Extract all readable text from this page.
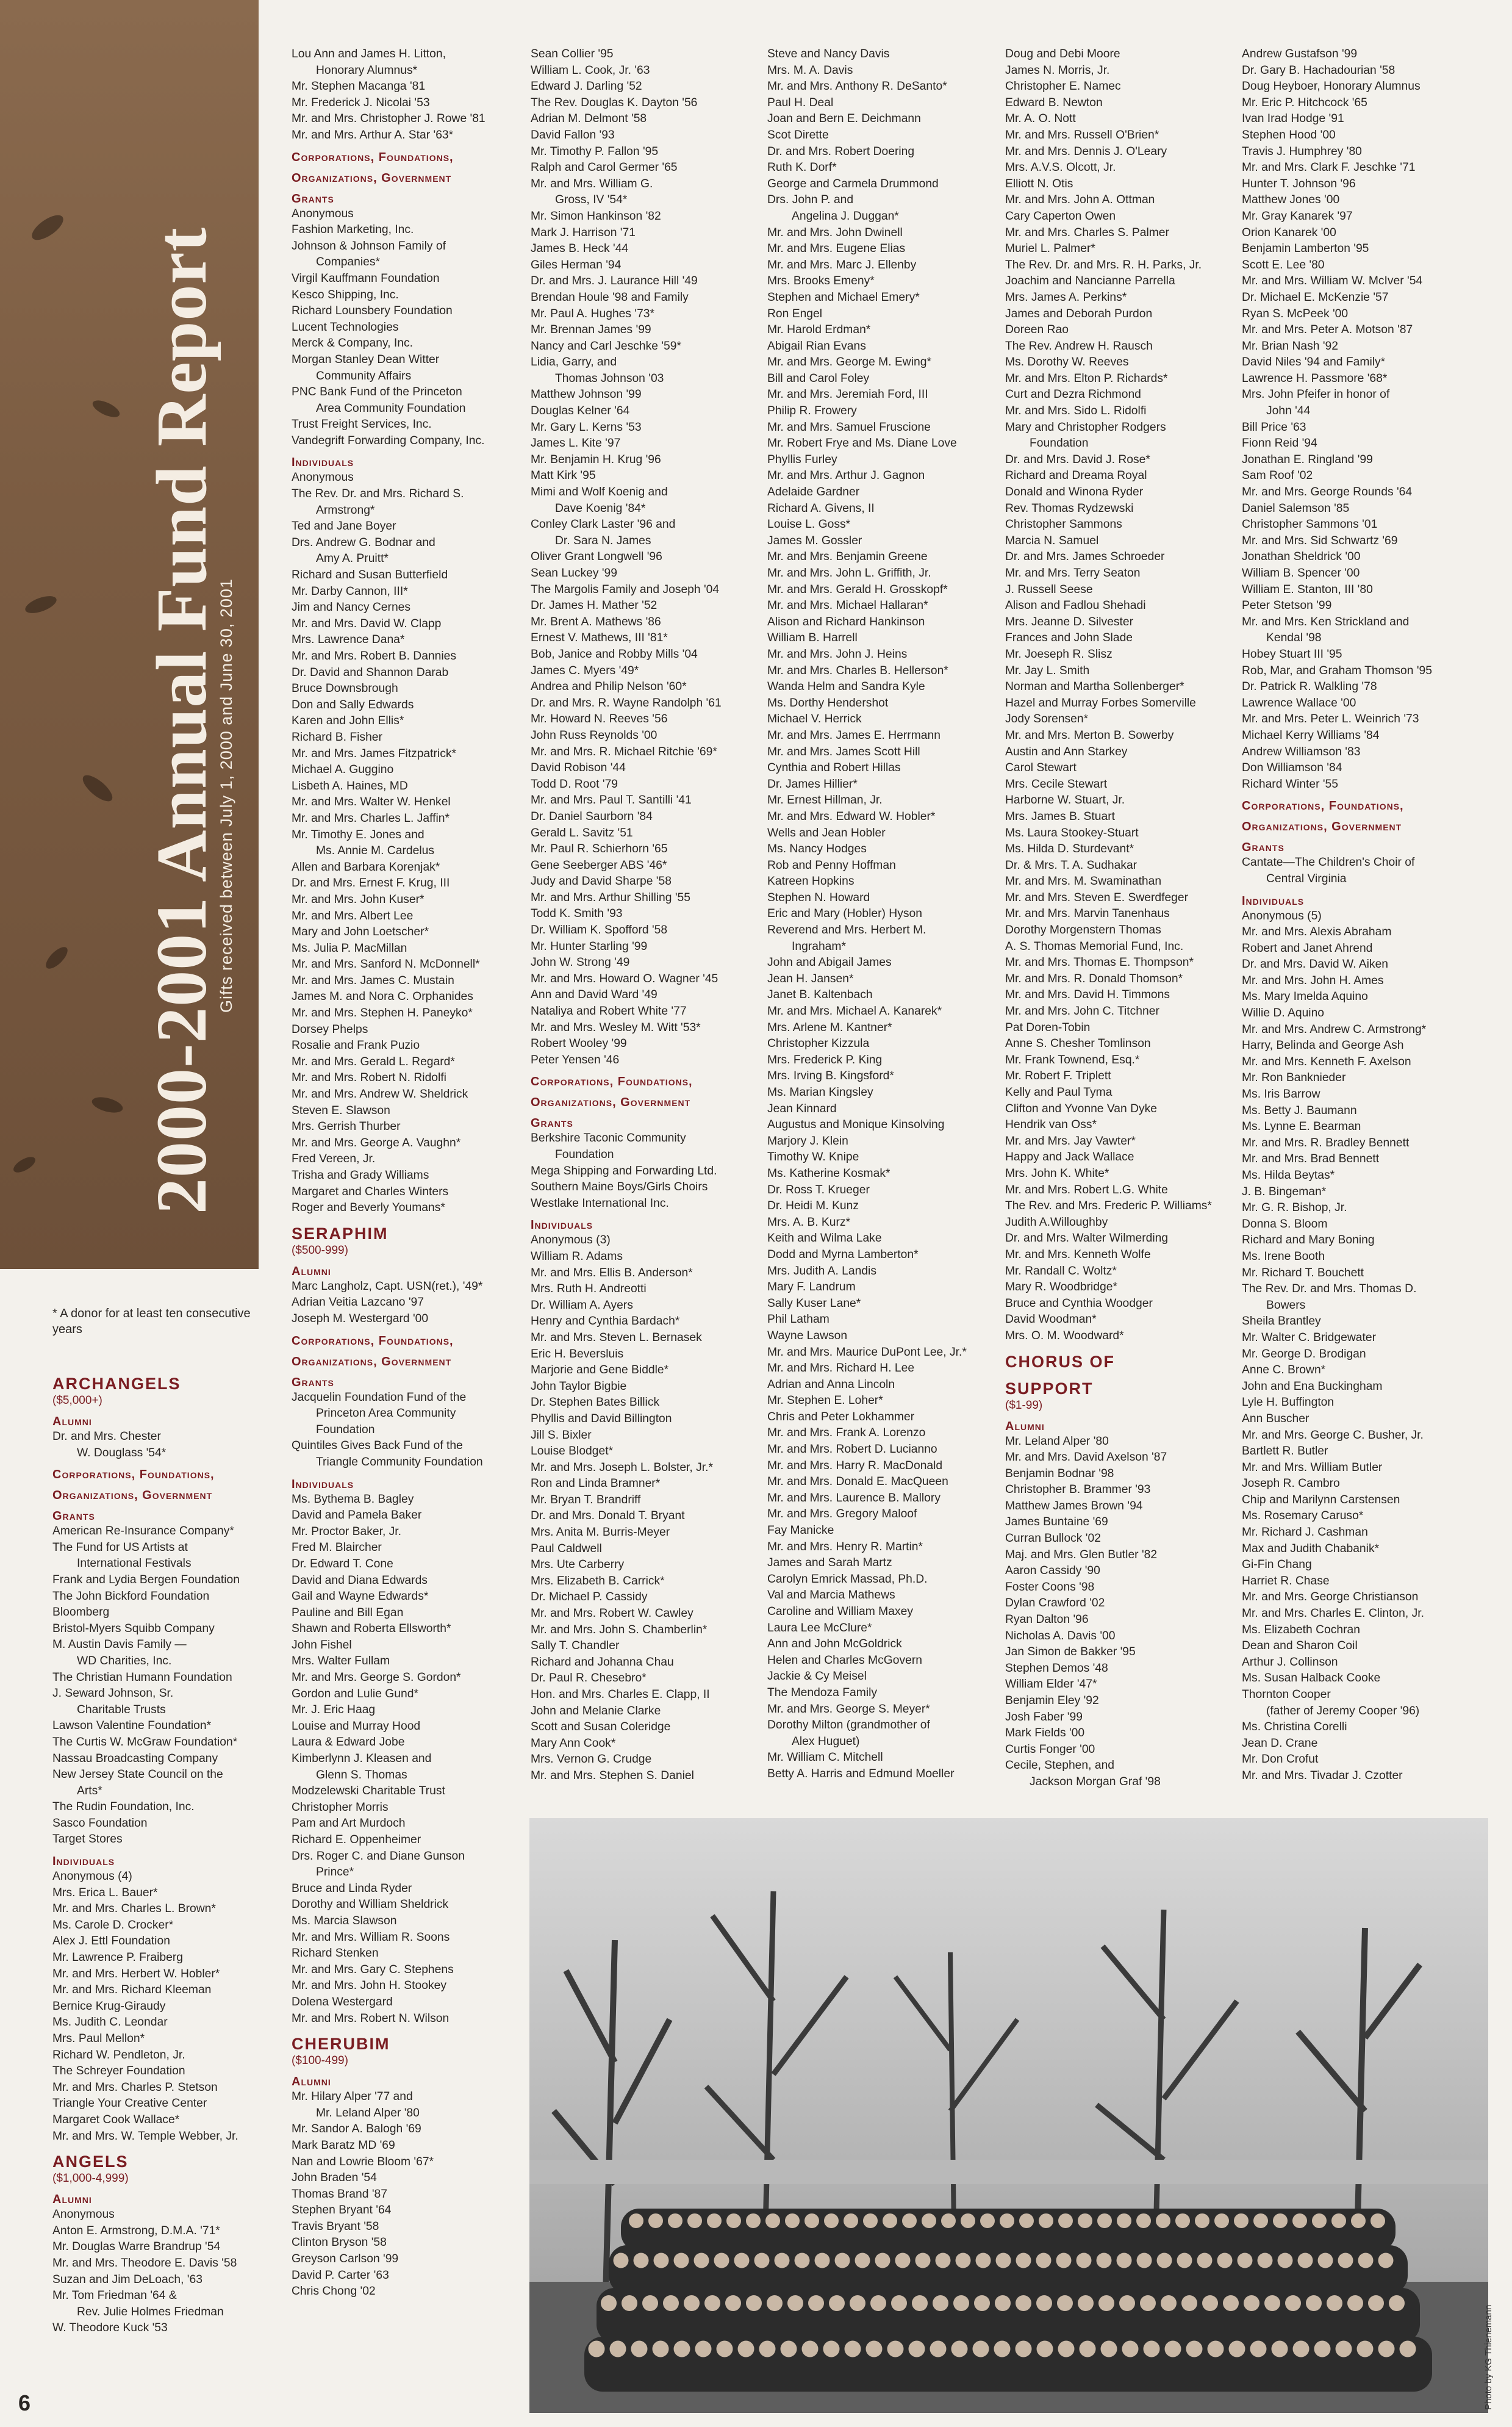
2000-2001 Annual Fund Report
Gifts received between July 1, 2000 and June 30, 2001
* A donor for at least ten consecutive years
ARCHANGELS
($5,000+)
Alumni
Dr. and Mrs. Chester
W. Douglass '54*
Corporations, Foundations,
Organizations, Government
Grants
American Re-Insurance Company*
The Fund for US Artists at
International Festivals
Frank and Lydia Bergen Foundation
The John Bickford Foundation
Bloomberg
Bristol-Myers Squibb Company
M. Austin Davis Family —
WD Charities, Inc.
The Christian Humann Foundation
J. Seward Johnson, Sr.
Charitable Trusts
Lawson Valentine Foundation*
The Curtis W. McGraw Foundation*
Nassau Broadcasting Company
New Jersey State Council on the
Arts*
The Rudin Foundation, Inc.
Sasco Foundation
Target Stores
Individuals
Anonymous (4)
Mrs. Erica L. Bauer*
Mr. and Mrs. Charles L. Brown*
Ms. Carole D. Crocker*
Alex J. Ettl Foundation
Mr. Lawrence P. Fraiberg
Mr. and Mrs. Herbert W. Hobler*
Mr. and Mrs. Richard Kleeman
Bernice Krug-Giraudy
Ms. Judith C. Leondar
Mrs. Paul Mellon*
Richard W. Pendleton, Jr.
The Schreyer Foundation
Mr. and Mrs. Charles P. Stetson
Triangle Your Creative Center
Margaret Cook Wallace*
Mr. and Mrs. W. Temple Webber, Jr.
ANGELS
($1,000-4,999)
Alumni
Anonymous
Anton E. Armstrong, D.M.A. '71*
Mr. Douglas Warre Brandrup '54
Mr. and Mrs. Theodore E. Davis '58
Suzan and Jim DeLoach, '63
Mr. Tom Friedman '64 &
Rev. Julie Holmes Friedman
W. Theodore Kuck '53
Lou Ann and James H. Litton,
Honorary Alumnus*
Mr. Stephen Macanga '81
Mr. Frederick J. Nicolai '53
Mr. and Mrs. Christopher J. Rowe '81
Mr. and Mrs. Arthur A. Star '63*
Corporations, Foundations,
Organizations, Government
Grants
Anonymous
Fashion Marketing, Inc.
Johnson & Johnson Family of
Companies*
Virgil Kauffmann Foundation
Kesco Shipping, Inc.
Richard Lounsbery Foundation
Lucent Technologies
Merck & Company, Inc.
Morgan Stanley Dean Witter
Community Affairs
PNC Bank Fund of the Princeton
Area Community Foundation
Trust Freight Services, Inc.
Vandegrift Forwarding Company, Inc.
Individuals
Anonymous
The Rev. Dr. and Mrs. Richard S.
Armstrong*
Ted and Jane Boyer
Drs. Andrew G. Bodnar and
Amy A. Pruitt*
Richard and Susan Butterfield
Mr. Darby Cannon, III*
Jim and Nancy Cernes
Mr. and Mrs. David W. Clapp
Mrs. Lawrence Dana*
Mr. and Mrs. Robert B. Dannies
Dr. David and Shannon Darab
Bruce Downsbrough
Don and Sally Edwards
Karen and John Ellis*
Richard B. Fisher
Mr. and Mrs. James Fitzpatrick*
Michael A. Guggino
Lisbeth A. Haines, MD
Mr. and Mrs. Walter W. Henkel
Mr. and Mrs. Charles L. Jaffin*
Mr. Timothy E. Jones and
Ms. Annie M. Cardelus
Allen and Barbara Korenjak*
Dr. and Mrs. Ernest F. Krug, III
Mr. and Mrs. John Kuser*
Mr. and Mrs. Albert Lee
Mary and John Loetscher*
Ms. Julia P. MacMillan
Mr. and Mrs. Sanford N. McDonnell*
Mr. and Mrs. James C. Mustain
James M. and Nora C. Orphanides
Mr. and Mrs. Stephen H. Paneyko*
Dorsey Phelps
Rosalie and Frank Puzio
Mr. and Mrs. Gerald L. Regard*
Mr. and Mrs. Robert N. Ridolfi
Mr. and Mrs. Andrew W. Sheldrick
Steven E. Slawson
Mrs. Gerrish Thurber
Mr. and Mrs. George A. Vaughn*
Fred Vereen, Jr.
Trisha and Grady Williams
Margaret and Charles Winters
Roger and Beverly Youmans*
SERAPHIM
($500-999)
Alumni
Marc Langholz, Capt. USN(ret.), '49*
Adrian Veitia Lazcano '97
Joseph M. Westergard '00
Corporations, Foundations,
Organizations, Government
Grants
Jacquelin Foundation Fund of the
Princeton Area Community
Foundation
Quintiles Gives Back Fund of the
Triangle Community Foundation
Individuals
Ms. Bythema B. Bagley
David and Pamela Baker
Mr. Proctor Baker, Jr.
Fred M. Blaircher
Dr. Edward T. Cone
David and Diana Edwards
Gail and Wayne Edwards*
Pauline and Bill Egan
Shawn and Roberta Ellsworth*
John Fishel
Mrs. Walter Fullam
Mr. and Mrs. George S. Gordon*
Gordon and Lulie Gund*
Mr. J. Eric Haag
Louise and Murray Hood
Laura & Edward Jobe
Kimberlynn J. Kleasen and
Glenn S. Thomas
Modzelewski Charitable Trust
Christopher Morris
Pam and Art Murdoch
Richard E. Oppenheimer
Drs. Roger C. and Diane Gunson
Prince*
Bruce and Linda Ryder
Dorothy and William Sheldrick
Ms. Marcia Slawson
Mr. and Mrs. William R. Soons
Richard Stenken
Mr. and Mrs. Gary C. Stephens
Mr. and Mrs. John H. Stookey
Dolena Westergard
Mr. and Mrs. Robert N. Wilson
CHERUBIM
($100-499)
Alumni
Mr. Hilary Alper '77 and
Mr. Leland Alper '80
Mr. Sandor A. Balogh '69
Mark Baratz MD '69
Nan and Lowrie Bloom '67*
John Braden '54
Thomas Brand '87
Stephen Bryant '64
Travis Bryant '58
Clinton Bryson '58
Greyson Carlson '99
David P. Carter '63
Chris Chong '02
Sean Collier '95
William L. Cook, Jr. '63
Edward J. Darling '52
The Rev. Douglas K. Dayton '56
Adrian M. Delmont '58
David Fallon '93
Mr. Timothy P. Fallon '95
Ralph and Carol Germer '65
Mr. and Mrs. William G.
Gross, IV '54*
Mr. Simon Hankinson '82
Mark J. Harrison '71
James B. Heck '44
Giles Herman '94
Dr. and Mrs. J. Laurance Hill '49
Brendan Houle '98 and Family
Mr. Paul A. Hughes '73*
Mr. Brennan James '99
Nancy and Carl Jeschke '59*
Lidia, Garry, and
Thomas Johnson '03
Matthew Johnson '99
Douglas Kelner '64
Mr. Gary L. Kerns '53
James L. Kite '97
Mr. Benjamin H. Krug '96
Matt Kirk '95
Mimi and Wolf Koenig and
Dave Koenig '84*
Conley Clark Laster '96 and
Dr. Sara N. James
Oliver Grant Longwell '96
Sean Luckey '99
The Margolis Family and Joseph '04
Dr. James H. Mather '52
Mr. Brent A. Mathews '86
Ernest V. Mathews, III '81*
Bob, Janice and Robby Mills '04
James C. Myers '49*
Andrea and Philip Nelson '60*
Dr. and Mrs. R. Wayne Randolph '61
Mr. Howard N. Reeves '56
John Russ Reynolds '00
Mr. and Mrs. R. Michael Ritchie '69*
David Robison '44
Todd D. Root '79
Mr. and Mrs. Paul T. Santilli '41
Dr. Daniel Saurborn '84
Gerald L. Savitz '51
Mr. Paul R. Schierhorn '65
Gene Seeberger ABS '46*
Judy and David Sharpe '58
Mr. and Mrs. Arthur Shilling '55
Todd K. Smith '93
Dr. William K. Spofford '58
Mr. Hunter Starling '99
John W. Strong '49
Mr. and Mrs. Howard O. Wagner '45
Ann and David Ward '49
Nataliya and Robert White '77
Mr. and Mrs. Wesley M. Witt '53*
Robert Wooley '99
Peter Yensen '46
Corporations, Foundations,
Organizations, Government
Grants
Berkshire Taconic Community
Foundation
Mega Shipping and Forwarding Ltd.
Southern Maine Boys/Girls Choirs
Westlake International Inc.
Individuals
Anonymous (3)
William R. Adams
Mr. and Mrs. Ellis B. Anderson*
Mrs. Ruth H. Andreotti
Dr. William A. Ayers
Henry and Cynthia Bardach*
Mr. and Mrs. Steven L. Bernasek
Eric H. Beversluis
Marjorie and Gene Biddle*
John Taylor Bigbie
Dr. Stephen Bates Billick
Phyllis and David Billington
Jill S. Bixler
Louise Blodget*
Mr. and Mrs. Joseph L. Bolster, Jr.*
Ron and Linda Bramner*
Mr. Bryan T. Brandriff
Dr. and Mrs. Donald T. Bryant
Mrs. Anita M. Burris-Meyer
Paul Caldwell
Mrs. Ute Carberry
Mrs. Elizabeth B. Carrick*
Dr. Michael P. Cassidy
Mr. and Mrs. Robert W. Cawley
Mr. and Mrs. John S. Chamberlin*
Sally T. Chandler
Richard and Johanna Chau
Dr. Paul R. Chesebro*
Hon. and Mrs. Charles E. Clapp, II
John and Melanie Clarke
Scott and Susan Coleridge
Mary Ann Cook*
Mrs. Vernon G. Crudge
Mr. and Mrs. Stephen S. Daniel
Steve and Nancy Davis
Mrs. M. A. Davis
Mr. and Mrs. Anthony R. DeSanto*
Paul H. Deal
Joan and Bern E. Deichmann
Scot Dirette
Dr. and Mrs. Robert Doering
Ruth K. Dorf*
George and Carmela Drummond
Drs. John P. and
Angelina J. Duggan*
Mr. and Mrs. John Dwinell
Mr. and Mrs. Eugene Elias
Mr. and Mrs. Marc J. Ellenby
Mrs. Brooks Emeny*
Stephen and Michael Emery*
Ron Engel
Mr. Harold Erdman*
Abigail Rian Evans
Mr. and Mrs. George M. Ewing*
Bill and Carol Foley
Mr. and Mrs. Jeremiah Ford, III
Philip R. Frowery
Mr. and Mrs. Samuel Fruscione
Mr. Robert Frye and Ms. Diane Love
Phyllis Furley
Mr. and Mrs. Arthur J. Gagnon
Adelaide Gardner
Richard A. Givens, II
Louise L. Goss*
James M. Gossler
Mr. and Mrs. Benjamin Greene
Mr. and Mrs. John L. Griffith, Jr.
Mr. and Mrs. Gerald H. Grosskopf*
Mr. and Mrs. Michael Hallaran*
Alison and Richard Hankinson
William B. Harrell
Mr. and Mrs. John J. Heins
Mr. and Mrs. Charles B. Hellerson*
Wanda Helm and Sandra Kyle
Ms. Dorthy Hendershot
Michael V. Herrick
Mr. and Mrs. James E. Herrmann
Mr. and Mrs. James Scott Hill
Cynthia and Robert Hillas
Dr. James Hillier*
Mr. Ernest Hillman, Jr.
Mr. and Mrs. Edward W. Hobler*
Wells and Jean Hobler
Ms. Nancy Hodges
Rob and Penny Hoffman
Katreen Hopkins
Stephen N. Howard
Eric and Mary (Hobler) Hyson
Reverend and Mrs. Herbert M.
Ingraham*
John and Abigail James
Jean H. Jansen*
Janet B. Kaltenbach
Mr. and Mrs. Michael A. Kanarek*
Mrs. Arlene M. Kantner*
Christopher Kizzula
Mrs. Frederick P. King
Mrs. Irving B. Kingsford*
Ms. Marian Kingsley
Jean Kinnard
Augustus and Monique Kinsolving
Marjory J. Klein
Timothy W. Knipe
Ms. Katherine Kosmak*
Dr. Ross T. Krueger
Dr. Heidi M. Kunz
Mrs. A. B. Kurz*
Keith and Wilma Lake
Dodd and Myrna Lamberton*
Mrs. Judith A. Landis
Mary F. Landrum
Sally Kuser Lane*
Phil Latham
Wayne Lawson
Mr. and Mrs. Maurice DuPont Lee, Jr.*
Mr. and Mrs. Richard H. Lee
Adrian and Anna Lincoln
Mr. Stephen E. Loher*
Chris and Peter Lokhammer
Mr. and Mrs. Frank A. Lorenzo
Mr. and Mrs. Robert D. Lucianno
Mr. and Mrs. Harry R. MacDonald
Mr. and Mrs. Donald E. MacQueen
Mr. and Mrs. Laurence B. Mallory
Mr. and Mrs. Gregory Maloof
Fay Manicke
Mr. and Mrs. Henry R. Martin*
James and Sarah Martz
Carolyn Emrick Massad, Ph.D.
Val and Marcia Mathews
Caroline and William Maxey
Laura Lee McClure*
Ann and John McGoldrick
Helen and Charles McGovern
Jackie & Cy Meisel
The Mendoza Family
Mr. and Mrs. George S. Meyer*
Dorothy Milton (grandmother of
Alex Huguet)
Mr. William C. Mitchell
Betty A. Harris and Edmund Moeller
Doug and Debi Moore
James N. Morris, Jr.
Christopher E. Namec
Edward B. Newton
Mr. A. O. Nott
Mr. and Mrs. Russell O'Brien*
Mr. and Mrs. Dennis J. O'Leary
Mrs. A.V.S. Olcott, Jr.
Elliott N. Otis
Mr. and Mrs. John A. Ottman
Cary Caperton Owen
Mr. and Mrs. Charles S. Palmer
Muriel L. Palmer*
The Rev. Dr. and Mrs. R. H. Parks, Jr.
Joachim and Nancianne Parrella
Mrs. James A. Perkins*
James and Deborah Purdon
Doreen Rao
The Rev. Andrew H. Rausch
Ms. Dorothy W. Reeves
Mr. and Mrs. Elton P. Richards*
Curt and Dezra Richmond
Mr. and Mrs. Sido L. Ridolfi
Mary and Christopher Rodgers
Foundation
Dr. and Mrs. David J. Rose*
Richard and Dreama Royal
Donald and Winona Ryder
Rev. Thomas Rydzewski
Christopher Sammons
Marcia N. Samuel
Dr. and Mrs. James Schroeder
Mr. and Mrs. Terry Seaton
J. Russell Seese
Alison and Fadlou Shehadi
Mrs. Jeanne D. Silvester
Frances and John Slade
Mr. Joeseph R. Slisz
Mr. Jay L. Smith
Norman and Martha Sollenberger*
Hazel and Murray Forbes Somerville
Jody Sorensen*
Mr. and Mrs. Merton B. Sowerby
Austin and Ann Starkey
Carol Stewart
Mrs. Cecile Stewart
Harborne W. Stuart, Jr.
Mrs. James B. Stuart
Ms. Laura Stookey-Stuart
Ms. Hilda D. Sturdevant*
Dr. & Mrs. T. A. Sudhakar
Mr. and Mrs. M. Swaminathan
Mr. and Mrs. Steven E. Swerdfeger
Mr. and Mrs. Marvin Tanenhaus
Dorothy Morgenstern Thomas
A. S. Thomas Memorial Fund, Inc.
Mr. and Mrs. Thomas E. Thompson*
Mr. and Mrs. R. Donald Thomson*
Mr. and Mrs. David H. Timmons
Mr. and Mrs. John C. Titchner
Pat Doren-Tobin
Anne S. Chesher Tomlinson
Mr. Frank Townend, Esq.*
Mr. Robert F. Triplett
Kelly and Paul Tyma
Clifton and Yvonne Van Dyke
Hendrik van Oss*
Mr. and Mrs. Jay Vawter*
Happy and Jack Wallace
Mrs. John K. White*
Mr. and Mrs. Robert L.G. White
The Rev. and Mrs. Frederic P. Williams*
Judith A.Willoughby
Dr. and Mrs. Walter Wilmerding
Mr. and Mrs. Kenneth Wolfe
Mr. Randall C. Woltz*
Mary R. Woodbridge*
Bruce and Cynthia Woodger
David Woodman*
Mrs. O. M. Woodward*
CHORUS OF
SUPPORT
($1-99)
Alumni
Mr. Leland Alper '80
Mr. and Mrs. David Axelson '87
Benjamin Bodnar '98
Christopher B. Brammer '93
Matthew James Brown '94
James Buntaine '69
Curran Bullock '02
Maj. and Mrs. Glen Butler '82
Aaron Cassidy '90
Foster Coons '98
Dylan Crawford '02
Ryan Dalton '96
Nicholas A. Davis '00
Jan Simon de Bakker '95
Stephen Demos '48
William Elder '47*
Benjamin Eley '92
Josh Faber '99
Mark Fields '00
Curtis Fonger '00
Cecile, Stephen, and
Jackson Morgan Graf '98
Andrew Gustafson '99
Dr. Gary B. Hachadourian '58
Doug Heyboer, Honorary Alumnus
Mr. Eric P. Hitchcock '65
Ivan Irad Hodge '91
Stephen Hood '00
Travis J. Humphrey '80
Mr. and Mrs. Clark F. Jeschke '71
Hunter T. Johnson '96
Matthew Jones '00
Mr. Gray Kanarek '97
Orion Kanarek '00
Benjamin Lamberton '95
Scott E. Lee '80
Mr. and Mrs. William W. McIver '54
Dr. Michael E. McKenzie '57
Ryan S. McPeek '00
Mr. and Mrs. Peter A. Motson '87
Mr. Brian Nash '92
David Niles '94 and Family*
Lawrence H. Passmore '68*
Mrs. John Pfeifer in honor of
John '44
Bill Price '63
Fionn Reid '94
Jonathan E. Ringland '99
Sam Roof '02
Mr. and Mrs. George Rounds '64
Daniel Salemson '85
Christopher Sammons '01
Mr. and Mrs. Sid Schwartz '69
Jonathan Sheldrick '00
William B. Spencer '00
William E. Stanton, III '80
Peter Stetson '99
Mr. and Mrs. Ken Strickland and
Kendal '98
Hobey Stuart III '95
Rob, Mar, and Graham Thomson '95
Dr. Patrick R. Walkling '78
Lawrence Wallace '00
Mr. and Mrs. Peter L. Weinrich '73
Michael Kerry Williams '84
Andrew Williamson '83
Don Williamson '84
Richard Winter '55
Corporations, Foundations,
Organizations, Government
Grants
Cantate—The Children's Choir of
Central Virginia
Individuals
Anonymous (5)
Mr. and Mrs. Alexis Abraham
Robert and Janet Ahrend
Dr. and Mrs. David W. Aiken
Mr. and Mrs. John H. Ames
Ms. Mary Imelda Aquino
Willie D. Aquino
Mr. and Mrs. Andrew C. Armstrong*
Harry, Belinda and George Ash
Mr. and Mrs. Kenneth F. Axelson
Mr. Ron Banknieder
Ms. Iris Barrow
Ms. Betty J. Baumann
Ms. Lynne E. Bearman
Mr. and Mrs. R. Bradley Bennett
Mr. and Mrs. Brad Bennett
Ms. Hilda Beytas*
J. B. Bingeman*
Mr. G. R. Bishop, Jr.
Donna S. Bloom
Richard and Mary Boning
Ms. Irene Booth
Mr. Richard T. Bouchett
The Rev. Dr. and Mrs. Thomas D.
Bowers
Sheila Brantley
Mr. Walter C. Bridgewater
Mr. George D. Brodigan
Anne C. Brown*
John and Ena Buckingham
Lyle H. Buffington
Ann Buscher
Mr. and Mrs. George C. Busher, Jr.
Bartlett R. Butler
Mr. and Mrs. William Butler
Joseph R. Cambro
Chip and Marilynn Carstensen
Ms. Rosemary Caruso*
Mr. Richard J. Cashman
Max and Judith Chabanik*
Gi-Fin Chang
Harriet R. Chase
Mr. and Mrs. George Christianson
Mr. and Mrs. Charles E. Clinton, Jr.
Ms. Elizabeth Cochran
Dean and Sharon Coil
Arthur J. Collinson
Ms. Susan Halback Cooke
Thornton Cooper
(father of Jeremy Cooper '96)
Ms. Christina Corelli
Jean D. Crane
Mr. Don Crofut
Mr. and Mrs. Tivadar J. Czotter
Photo by KG Thienemann
6
